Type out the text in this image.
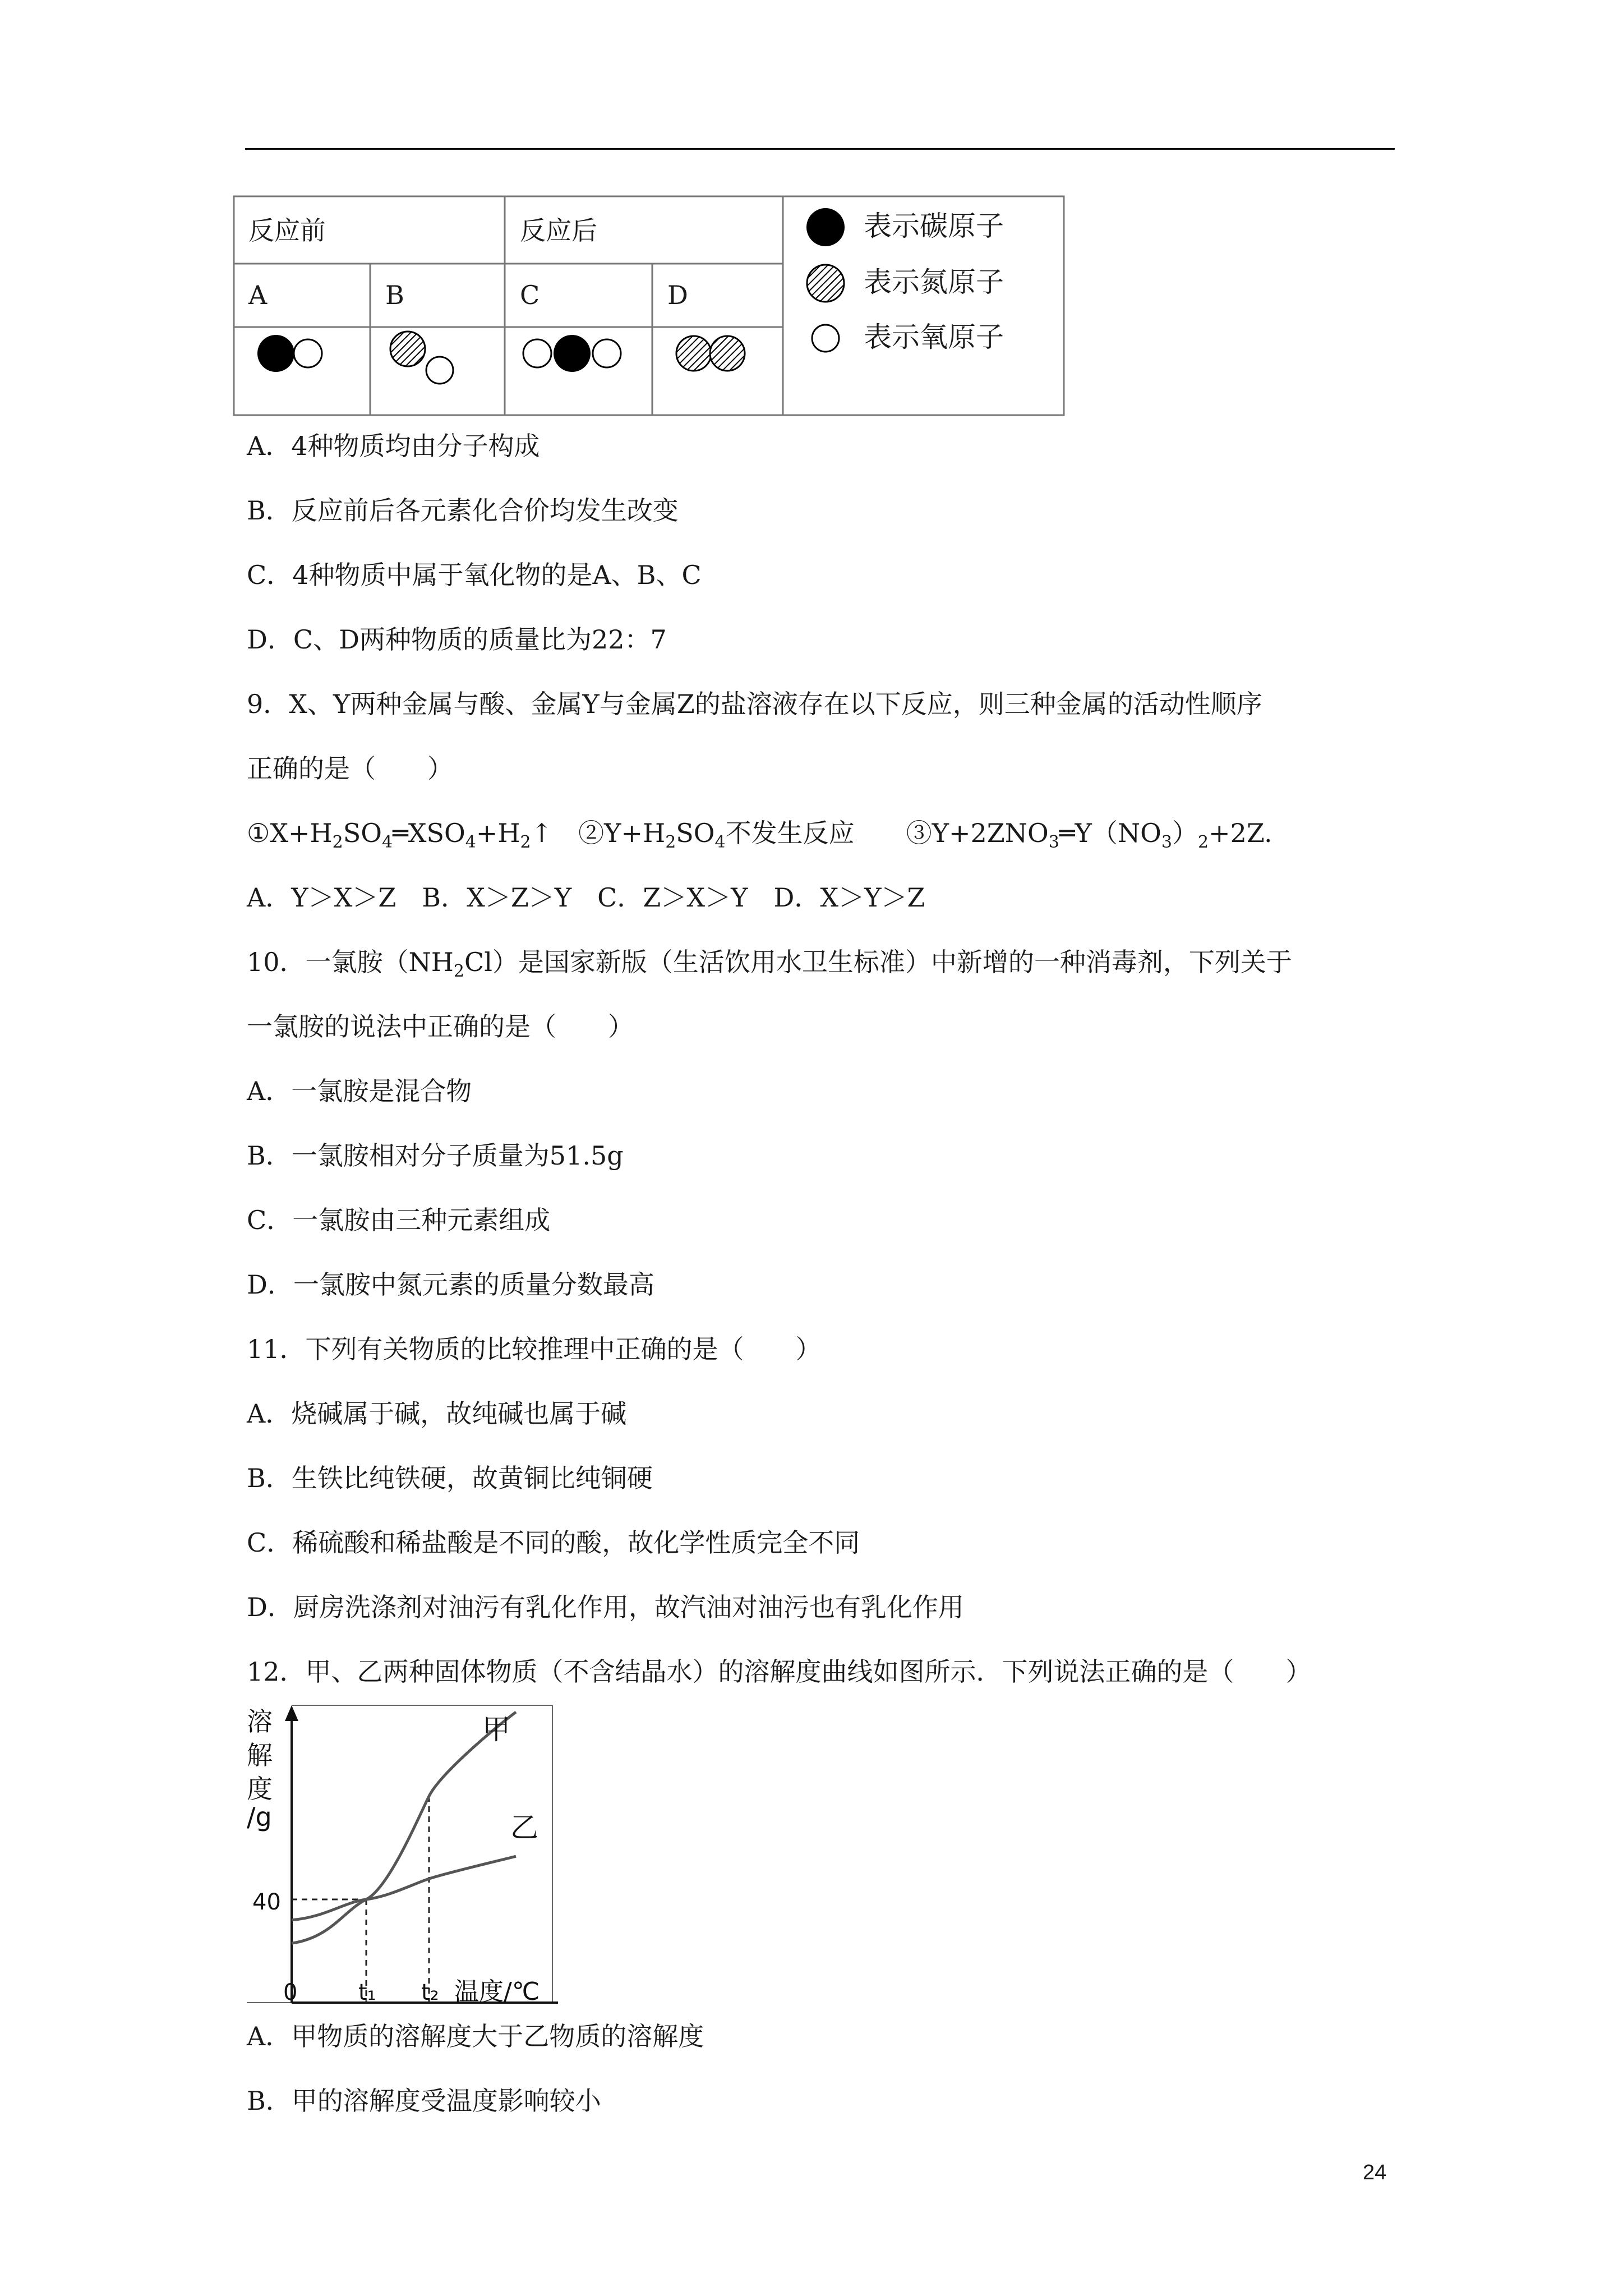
反应前	反应后
A	B	C	D
表示碳原子
表示氮原子
表示氧原子
A．4种物质均由分子构成
B．反应前后各元素化合价均发生改变
C．4种物质中属于氧化物的是A、B、C
D．C、D两种物质的质量比为22：7
9．X、Y两种金属与酸、金属Y与金属Z的盐溶液存在以下反应，则三种金属的活动性顺序
正确的是（　　）
$①X+H_2SO_4═XSO_4+H_2↑$　 $②Y+H_2SO_4$不发生反应　　 $③Y+2ZNO_3═Y(NO_3)_2+2Z$.
A．Y＞X＞Z　B．X＞Z＞Y　C．Z＞X＞Y　D．X＞Y＞Z
10．一氯胺$(NH_2Cl)$是国家新版（生活饮用水卫生标准）中新增的一种消毒剂，下列关于
一氯胺的说法中正确的是（　　）
A．一氯胺是混合物
B．一氯胺相对分子质量为51.5g
C．一氯胺由三种元素组成
D．一氯胺中氮元素的质量分数最高
11．下列有关物质的比较推理中正确的是（　　）
A．烧碱属于碱，故纯碱也属于碱
B．生铁比纯铁硬，故黄铜比纯铜硬
C．稀硫酸和稀盐酸是不同的酸，故化学性质完全不同
D．厨房洗涤剂对油污有乳化作用，故汽油对油污也有乳化作用
12．甲、乙两种固体物质（不含结晶水）的溶解度曲线如图所示．下列说法正确的是（　　）
溶
解
度
/g
40
0	t₁ t₂ 温度/℃
甲
乙
A．甲物质的溶解度大于乙物质的溶解度
B．甲的溶解度受温度影响较小
24
